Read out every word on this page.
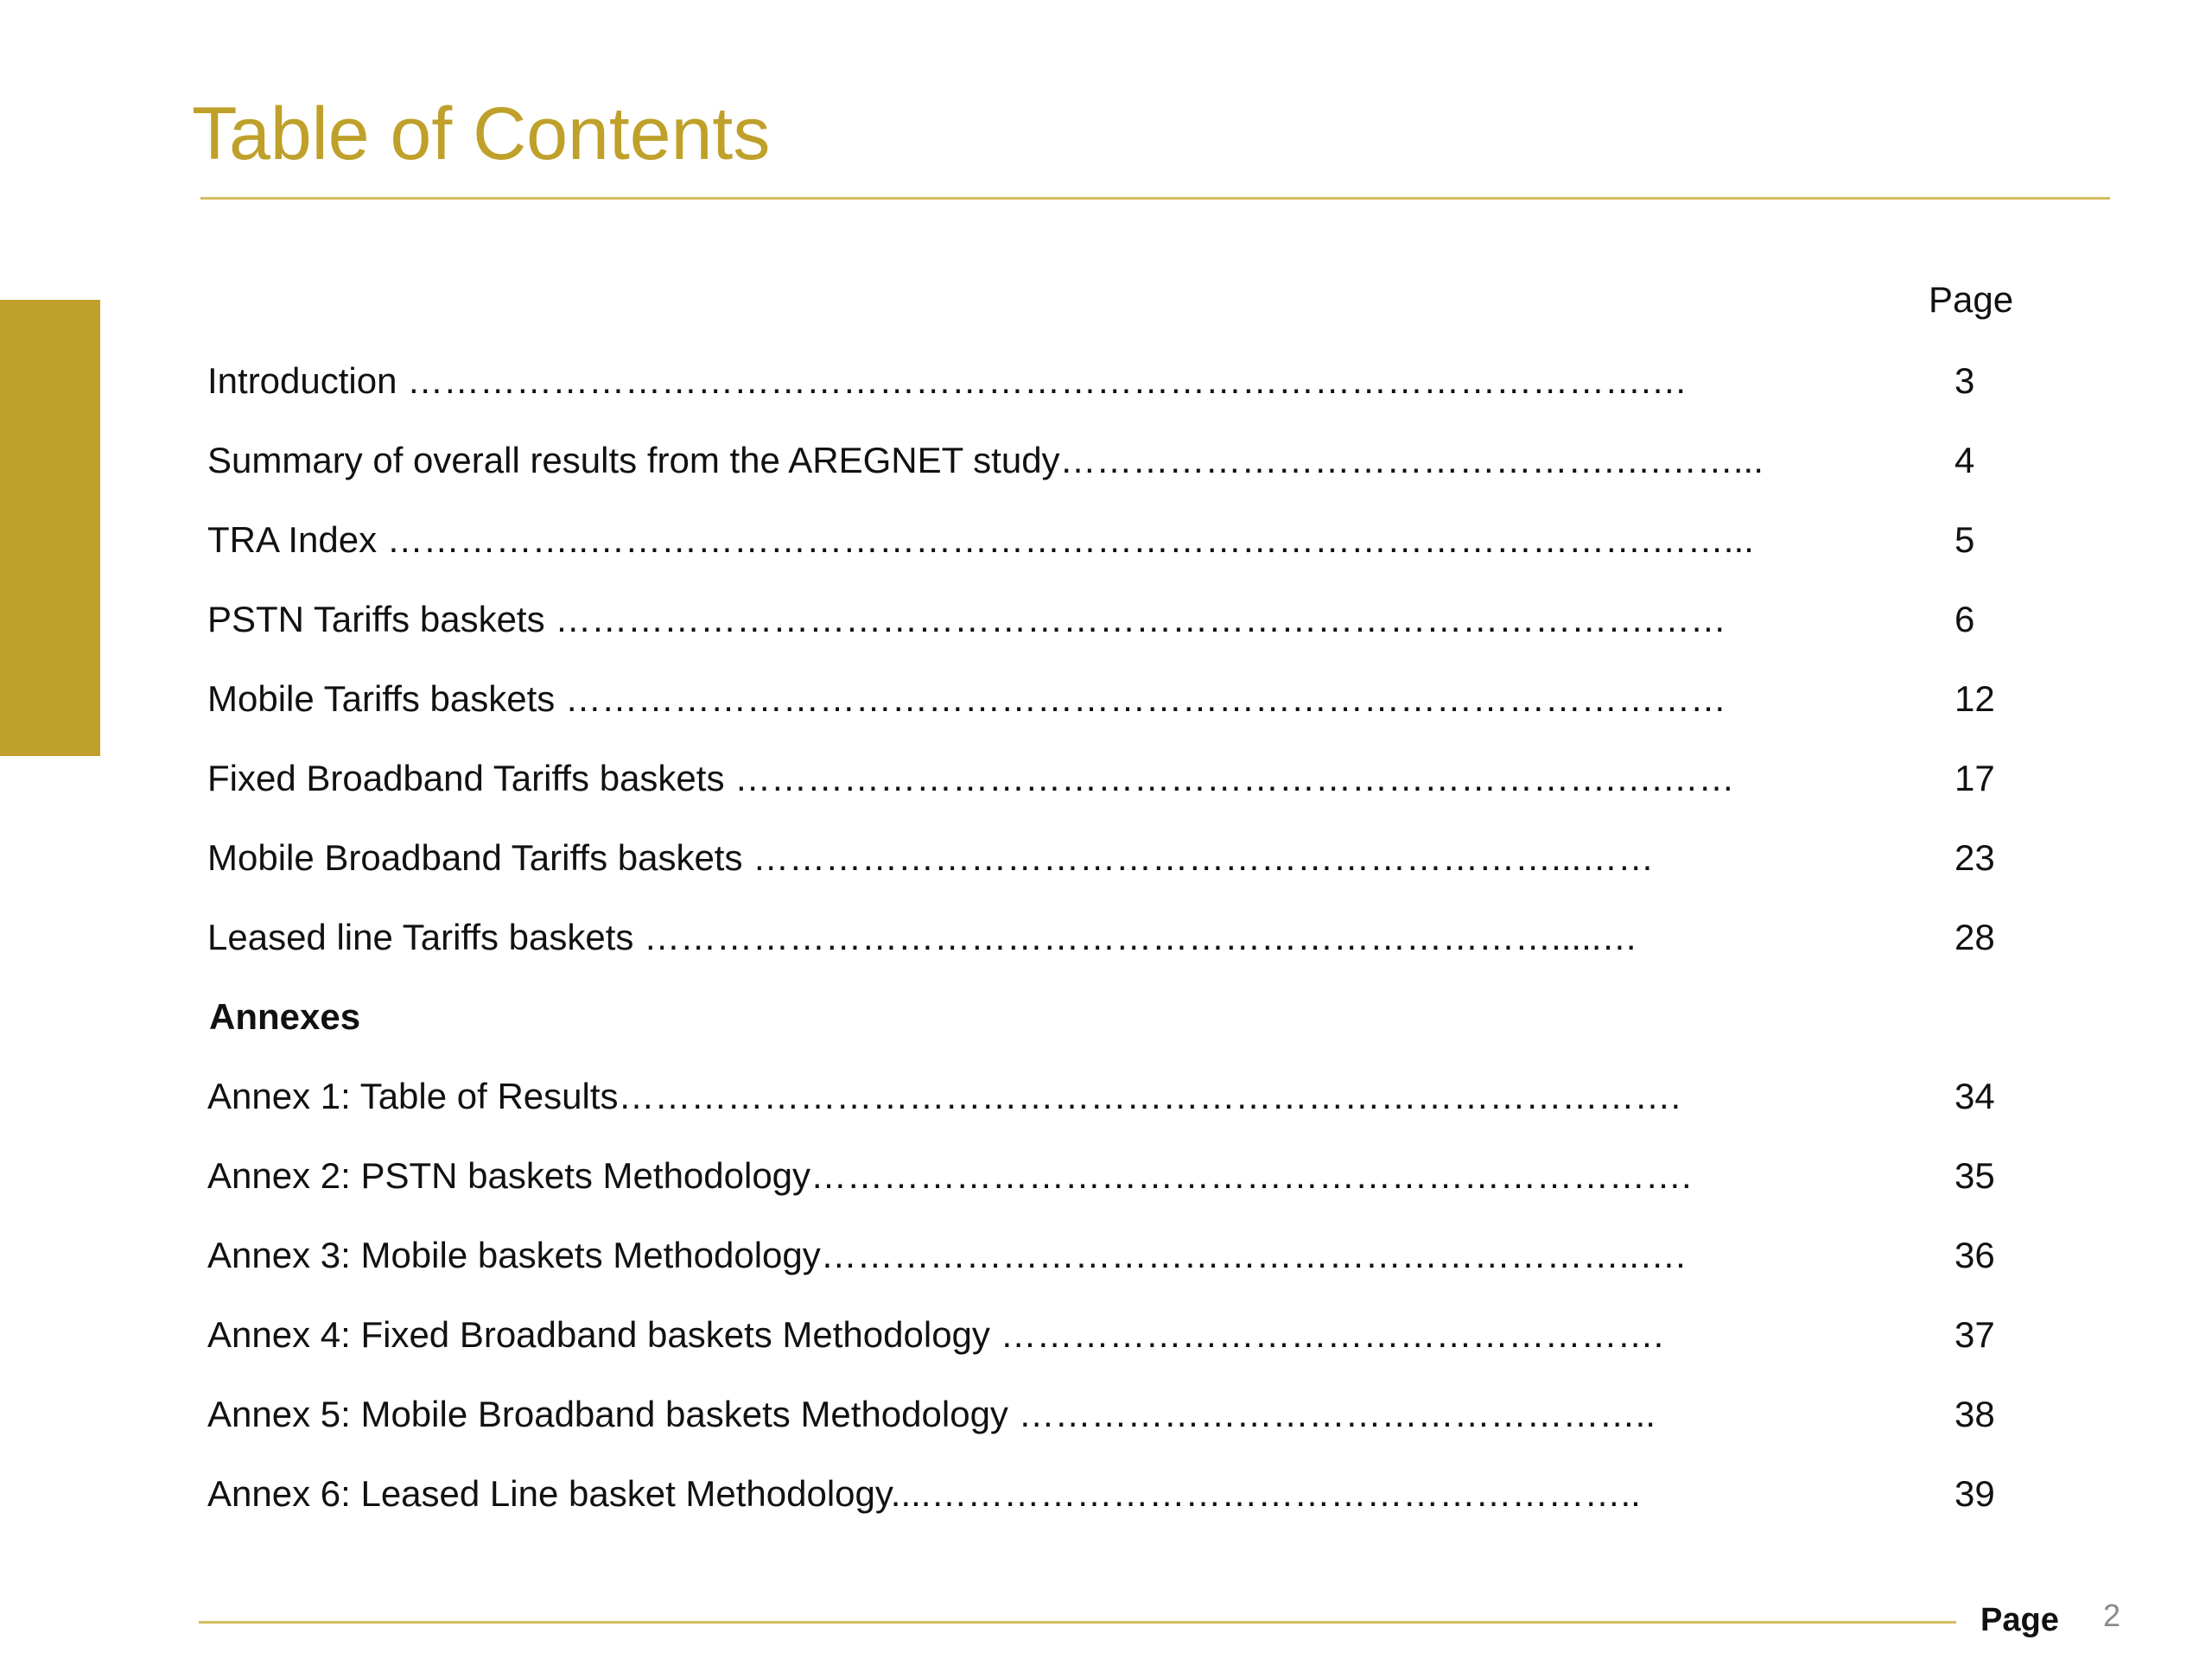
Table of Contents
Page
Introduction ………………………………………………………………………………………….…	3
Summary of overall results from the AREGNET study……………………………………….….……...	4
TRA Index ……………..…………………………………………………………………………….……...	5
PSTN Tariffs baskets ……………………………………………………………………………….……	6
Mobile Tariffs baskets ……………………………………………………………………………………	12
Fixed Broadband Tariffs baskets ……………………………………………………………….….……	17
Mobile Broadband Tariffs baskets …………………………………………………………...……	23
Leased line Tariffs baskets ………………………………………………………………….....…	28
Annexes
Annex 1: Table of Results…………………………………………………………………………….	34
Annex 2: PSTN baskets Methodology……………………………………………………………….	35
Annex 3: Mobile baskets Methodology…………………………………………………………..….	36
Annex 4: Fixed Broadband baskets Methodology ……………………………………………….	37
Annex 5: Mobile Broadband baskets Methodology ……………………………………………..	38
Annex 6: Leased Line basket Methodology....…………………………………………………..	39
Page 2
